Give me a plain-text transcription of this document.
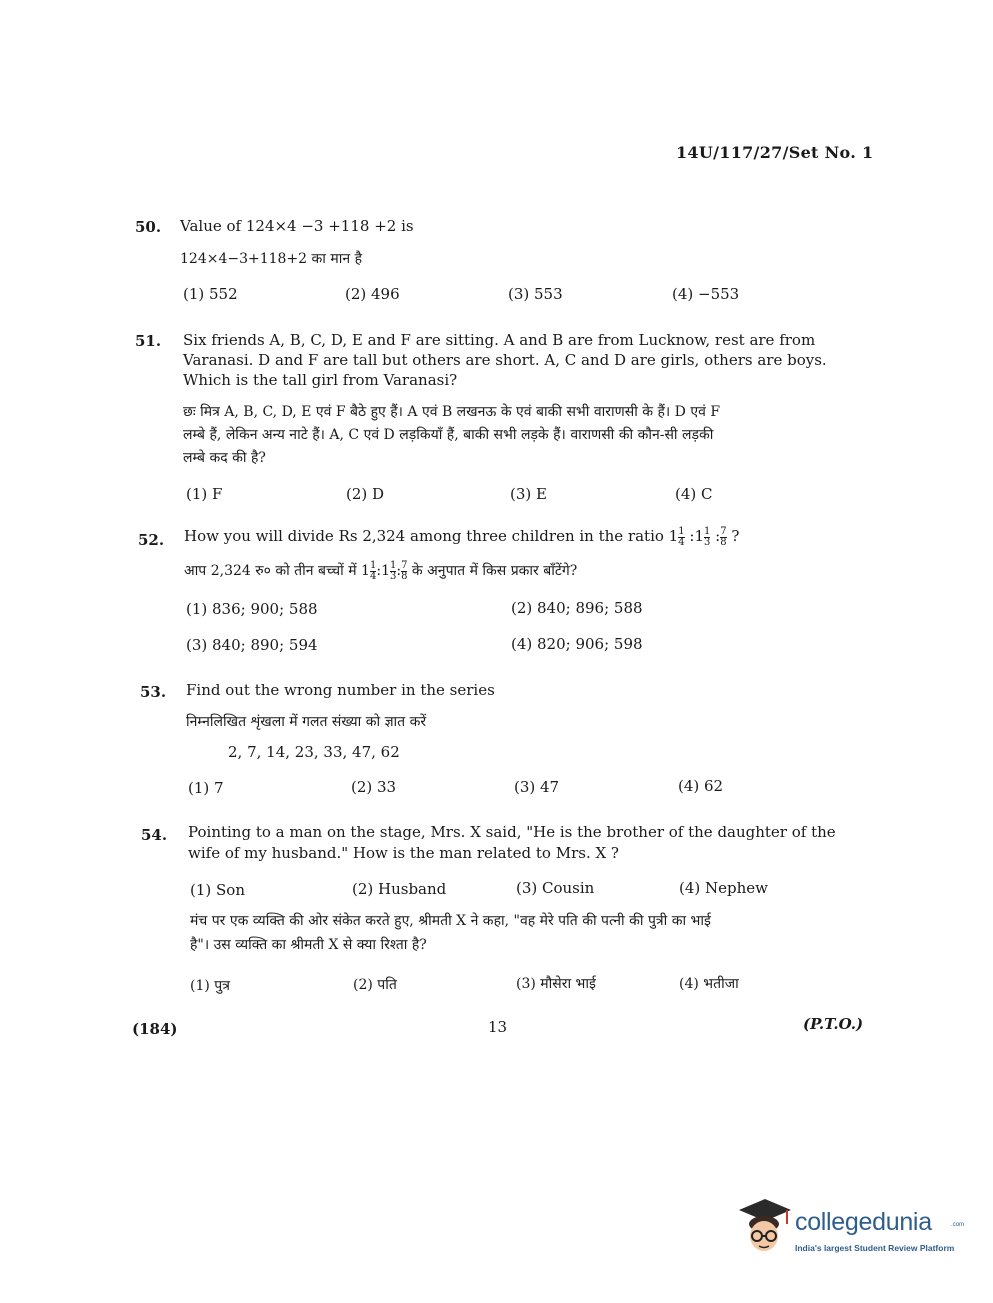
14U/117/27/Set No. 1
50. Value of 124×4 −3 +118 +2 is
124×4−3+118+2 का मान है
(1) 552	(2) 496	(3) 553	(4) −553
51. Six friends A, B, C, D, E and F are sitting. A and B are from Lucknow, rest are from
Varanasi. D and F are tall but others are short. A, C and D are girls, others are boys.
Which is the tall girl from Varanasi?
छः मित्र A, B, C, D, E एवं F बैठे हुए हैं। A एवं B लखनऊ के एवं बाकी सभी वाराणसी के हैं। D एवं F
लम्बे हैं, लेकिन अन्य नाटे हैं। A, C एवं D लड़कियाँ हैं, बाकी सभी लड़के हैं। वाराणसी की कौन-सी लड़की
लम्बे कद की है?
(1) F	(2) D	(3) E	(4) C
52. How you will divide Rs 2,324 among three children in the ratio $1 \frac{1}{4}$ :1 $\frac{1}{3}$ : $\frac{7}{8}$ ?
आप 2,324 रु० को तीन बच्चों में $1 \frac{1}{4}$ :1 $\frac{1}{3}$ : $\frac{7}{8}$ के अनुपात में किस प्रकार बाँटेंगे?
(1) 836; 900; 588	(2) 840; 896; 588
(3) 840; 890; 594	(4) 820; 906; 598
53. Find out the wrong number in the series
निम्नलिखित शृंखला में गलत संख्या को ज्ञात करें
2, 7, 14, 23, 33, 47, 62
(1) 7	(2) 33	(3) 47	(4) 62
54. Pointing to a man on the stage, Mrs. X said, "He is the brother of the daughter of the
wife of my husband." How is the man related to Mrs. X ?
(1) Son	(2) Husband	(3) Cousin	(4) Nephew
मंच पर एक व्यक्ति की ओर संकेत करते हुए, श्रीमती X ने कहा, "वह मेरे पति की पत्नी की पुत्री का भाई
है"। उस व्यक्ति का श्रीमती X से क्या रिश्ता है?
(1) पुत्र	(2) पति	(3) मौसेरा भाई	(4) भतीजा
(184)	13	(P.T.O.)
collegedunia	.com
India's largest Student Review Platform
